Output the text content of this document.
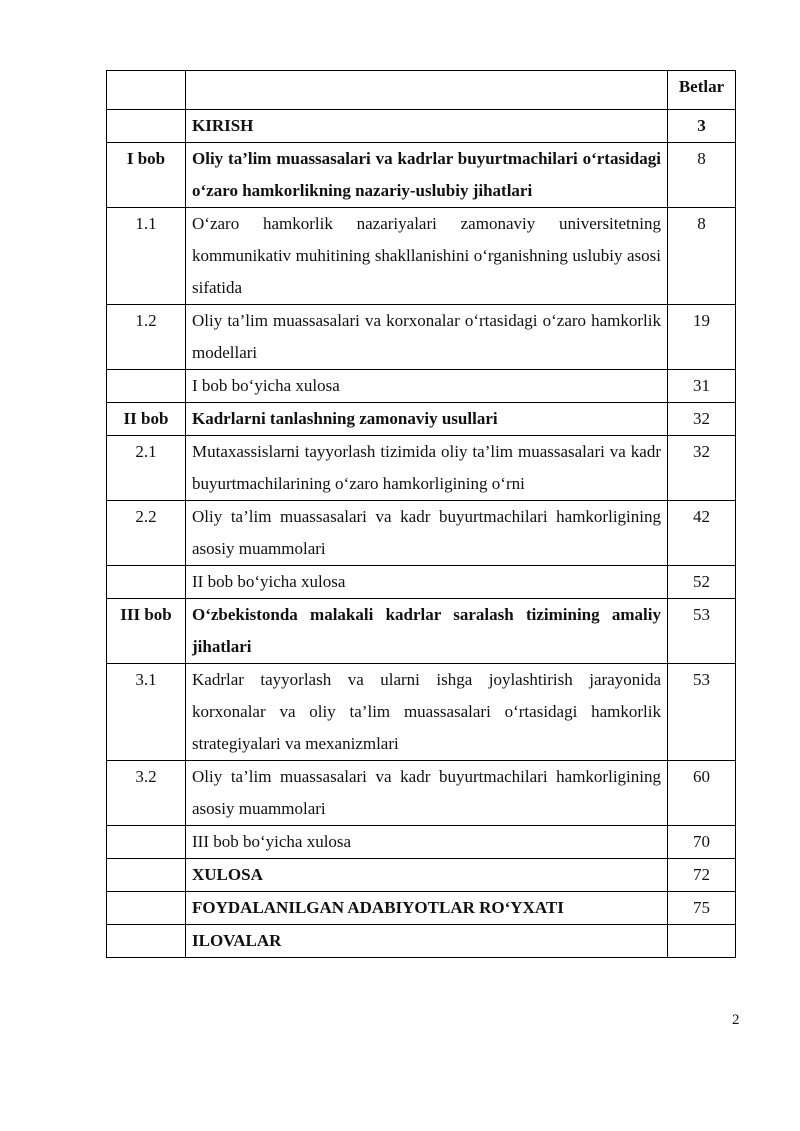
		Betlar
	KIRISH	3
I bob	Oliy ta’lim muassasalari va kadrlar buyurtmachilari o‘rtasidagi o‘zaro hamkorlikning nazariy-uslubiy jihatlari	8
1.1	O‘zaro hamkorlik nazariyalari zamonaviy universitetning kommunikativ muhitining shakllanishini o‘rganishning uslubiy asosi sifatida	8
1.2	Oliy ta’lim muassasalari va korxonalar o‘rtasidagi o‘zaro hamkorlik modellari	19
	I bob bo‘yicha xulosa	31
II bob	Kadrlarni tanlashning zamonaviy usullari	32
2.1	Mutaxassislarni tayyorlash tizimida oliy ta’lim muassasalari va kadr buyurtmachilarining o‘zaro hamkorligining o‘rni	32
2.2	Oliy ta’lim muassasalari va kadr buyurtmachilari hamkorligining asosiy muammolari	42
	II bob bo‘yicha xulosa	52
III bob	O‘zbekistonda malakali kadrlar saralash tizimining amaliy jihatlari	53
3.1	Kadrlar tayyorlash va ularni ishga joylashtirish jarayonida korxonalar va oliy ta’lim muassasalari o‘rtasidagi hamkorlik strategiyalari va mexanizmlari	53
3.2	Oliy ta’lim muassasalari va kadr buyurtmachilari hamkorligining asosiy muammolari	60
	III bob bo‘yicha xulosa	70
	XULOSA	72
	FOYDALANILGAN ADABIYOTLAR RO‘YXATI	75
	ILOVALAR	
2
